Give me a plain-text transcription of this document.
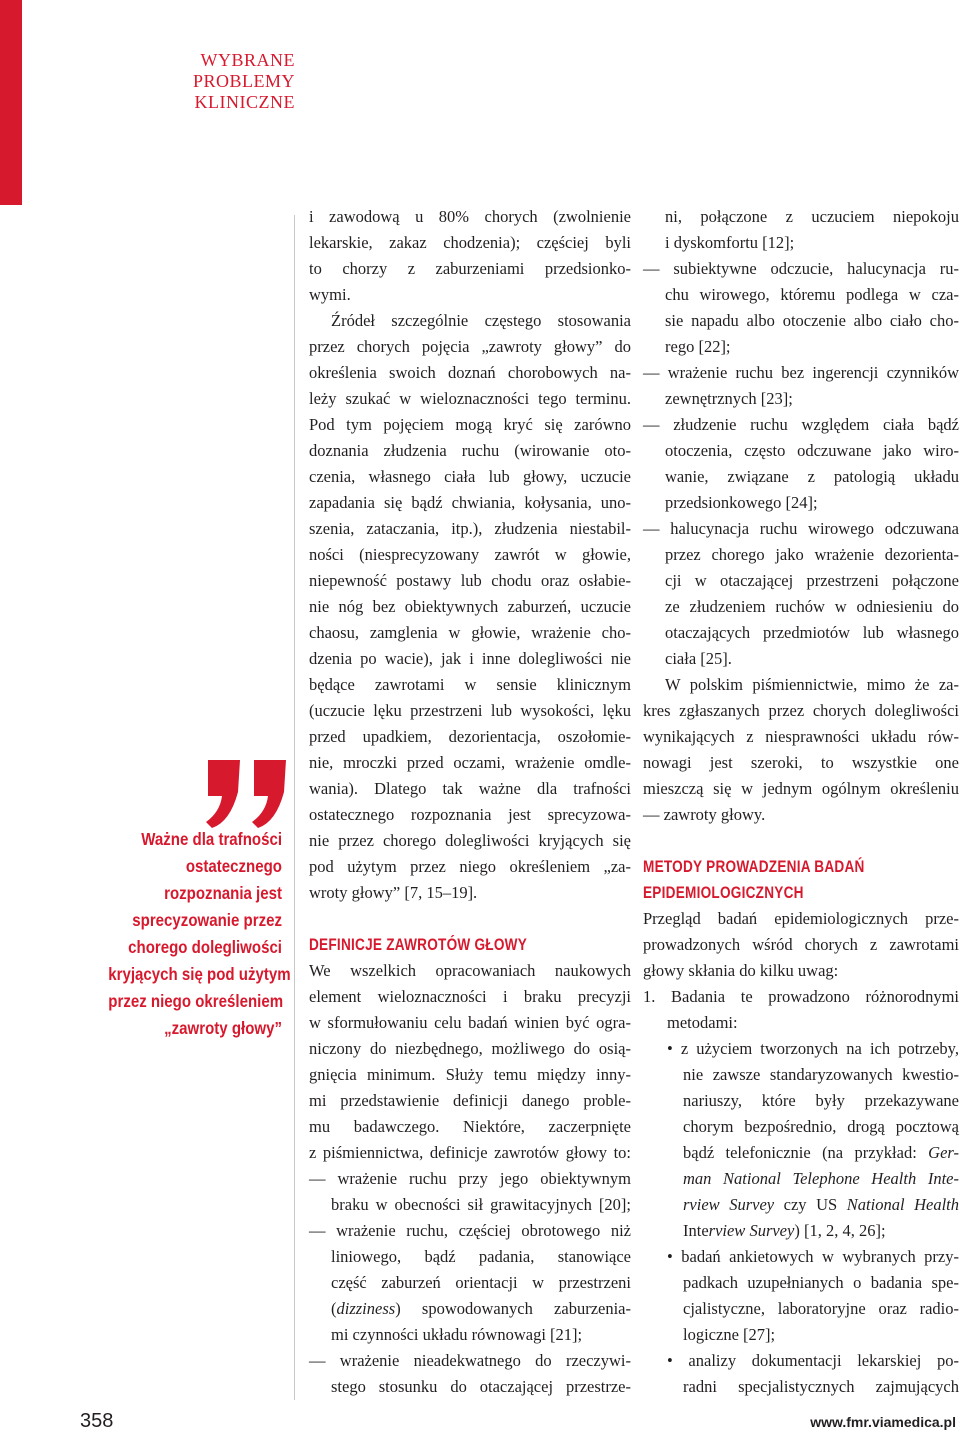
WYBRANE
PROBLEMY
KLINICZNE
Ważne dla trafności
ostatecznego
rozpoznania jest
sprecyzowanie przez
chorego dolegliwości
kryjących się pod użytym
przez niego określeniem
„zawroty głowy”
i zawodową u 80% chorych (zwolnienie
lekarskie, zakaz chodzenia); częściej byli
to chorzy z zaburzeniami przedsionko-
wymi.
Źródeł szczególnie częstego stosowania
przez chorych pojęcia „zawroty głowy” do
określenia swoich doznań chorobowych na-
leży szukać w wieloznaczności tego terminu.
Pod tym pojęciem mogą kryć się zarówno
doznania złudzenia ruchu (wirowanie oto-
czenia, własnego ciała lub głowy, uczucie
zapadania się bądź chwiania, kołysania, uno-
szenia, zataczania, itp.), złudzenia niestabil-
ności (niesprecyzowany zawrót w głowie,
niepewność postawy lub chodu oraz osłabie-
nie nóg bez obiektywnych zaburzeń, uczucie
chaosu, zamglenia w głowie, wrażenie cho-
dzenia po wacie), jak i inne dolegliwości nie
będące zawrotami w sensie klinicznym
(uczucie lęku przestrzeni lub wysokości, lęku
przed upadkiem, dezorientacja, oszołomie-
nie, mroczki przed oczami, wrażenie omdle-
wania). Dlatego tak ważne dla trafności
ostatecznego rozpoznania jest sprecyzowa-
nie przez chorego dolegliwości kryjących się
pod użytym przez niego określeniem „za-
wroty głowy” [7, 15–19].
DEFINICJE ZAWROTÓW GŁOWY
We wszelkich opracowaniach naukowych
element wieloznaczności i braku precyzji
w sformułowaniu celu badań winien być ogra-
niczony do niezbędnego, możliwego do osią-
gnięcia minimum. Służy temu między inny-
mi przedstawienie definicji danego proble-
mu badawczego. Niektóre, zaczerpnięte
z piśmiennictwa, definicje zawrotów głowy to:
— wrażenie ruchu przy jego obiektywnym
braku w obecności sił grawitacyjnych [20];
— wrażenie ruchu, częściej obrotowego niż
liniowego, bądź padania, stanowiące
część zaburzeń orientacji w przestrzeni
(dizziness) spowodowanych zaburzenia-
mi czynności układu równowagi [21];
— wrażenie nieadekwatnego do rzeczywi-
stego stosunku do otaczającej przestrze-
ni, połączone z uczuciem niepokoju
i dyskomfortu [12];
— subiektywne odczucie, halucynacja ru-
chu wirowego, któremu podlega w cza-
sie napadu albo otoczenie albo ciało cho-
rego [22];
— wrażenie ruchu bez ingerencji czynników
zewnętrznych [23];
— złudzenie ruchu względem ciała bądź
otoczenia, często odczuwane jako wiro-
wanie, związane z patologią układu
przedsionkowego [24];
— halucynacja ruchu wirowego odczuwana
przez chorego jako wrażenie dezorienta-
cji w otaczającej przestrzeni połączone
ze złudzeniem ruchów w odniesieniu do
otaczających przedmiotów lub własnego
ciała [25].
W polskim piśmiennictwie, mimo że za-
kres zgłaszanych przez chorych dolegliwości
wynikających z niesprawności układu rów-
nowagi jest szeroki, to wszystkie one
mieszczą się w jednym ogólnym określeniu
— zawroty głowy.
METODY PROWADZENIA BADAŃ
EPIDEMIOLOGICZNYCH
Przegląd badań epidemiologicznych prze-
prowadzonych wśród chorych z zawrotami
głowy skłania do kilku uwag:
1. Badania te prowadzono różnorodnymi
metodami:
• z użyciem tworzonych na ich potrzeby,
nie zawsze standaryzowanych kwestio-
nariuszy, które były przekazywane
chorym bezpośrednio, drogą pocztową
bądź telefonicznie (na przykład: Ger-
man National Telephone Health Inte-
rview Survey czy US National Health
Interview Survey) [1, 2, 4, 26];
• badań ankietowych w wybranych przy-
padkach uzupełnianych o badania spe-
cjalistyczne, laboratoryjne oraz radio-
logiczne [27];
• analizy dokumentacji lekarskiej po-
radni specjalistycznych zajmujących
358	www.fmr.viamedica.pl
